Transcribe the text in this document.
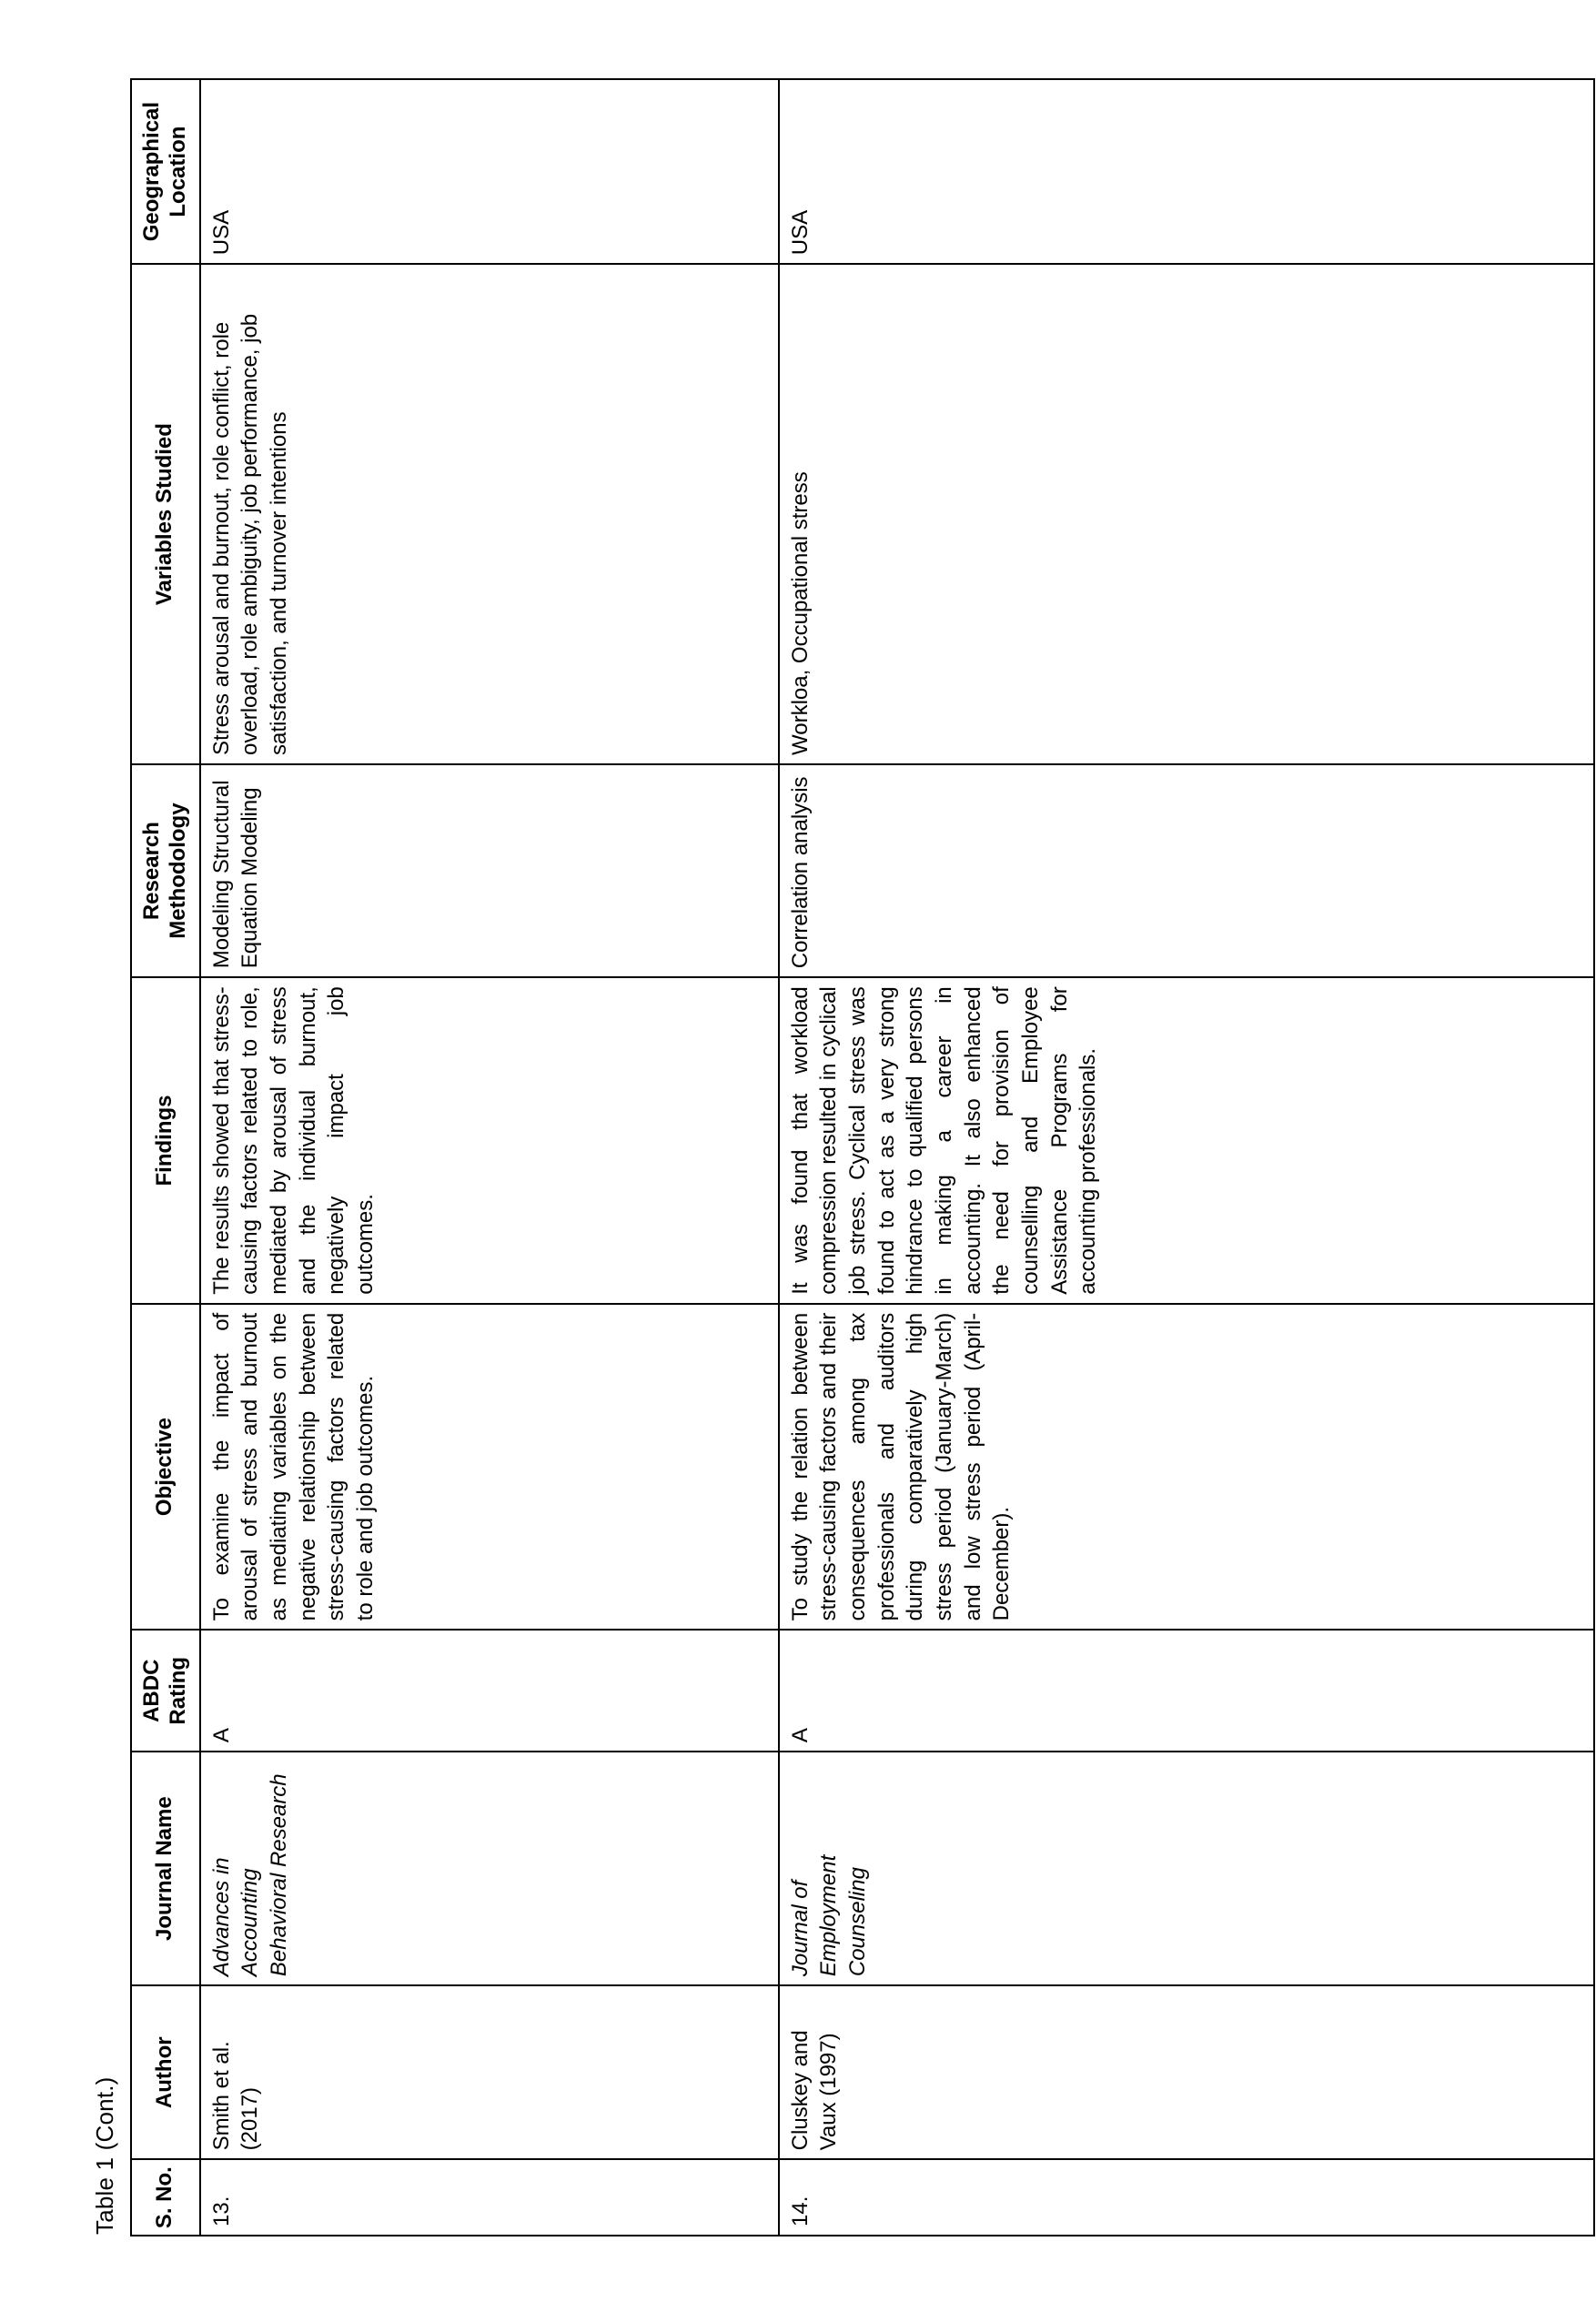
Table 1 (Cont.) S. No.	Author	Journal Name	ABDC Rating	Objective	Findings	Research Methodology	Variables Studied	Geographical Location
13.	Smith et al. (2017)	Advances in Accounting Behavioral Research	A	To examine the impact of arousal of stress and burnout as mediating variables on the negative relationship between stress-causing factors related to role and job outcomes.	The results showed that stress- causing factors related to role, mediated by arousal of stress and the individual burnout, negatively impact job outcomes.	Modeling Structural Equation Modeling	Stress arousal and burnout, role conflict, role overload, role ambiguity, job performance, job satisfaction, and turnover intentions	USA
14.	Cluskey and Vaux (1997)	Journal of Employment Counseling	A	To study the relation between stress-causing factors and their consequences among tax professionals and auditors during comparatively high stress period (January-March) and low stress period (April-December).	It was found that workload compression resulted in cyclical job stress. Cyclical stress was found to act as a very strong hindrance to qualified persons in making a career in accounting. It also enhanced the need for provision of counselling and Employee Assistance Programs for accounting professionals.	Correlation analysis	Workloa, Occupational stress	USA
